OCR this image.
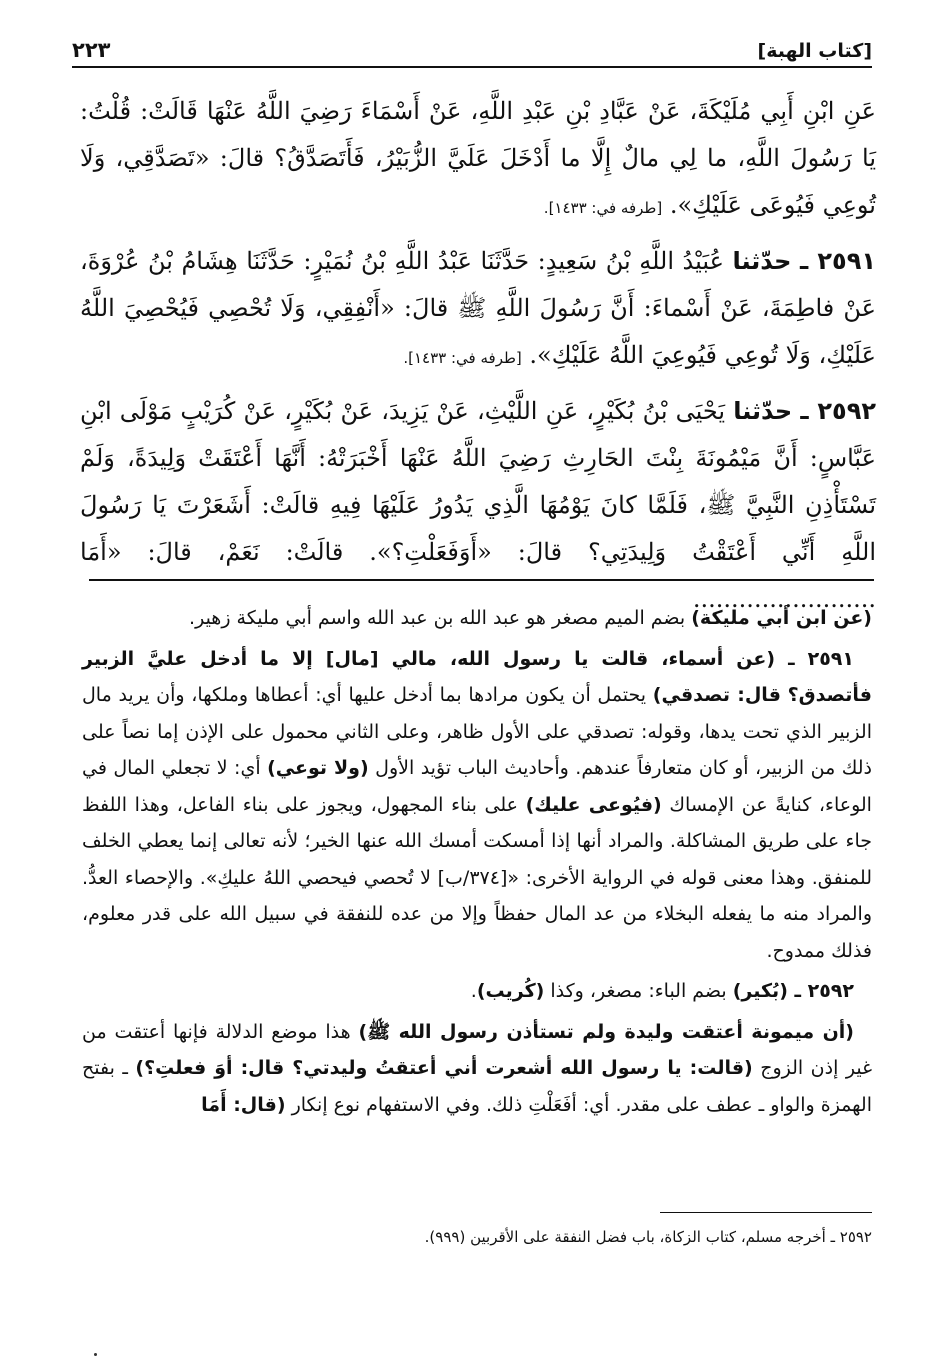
٢٢٣	[كتاب الهبة]

عَنِ ابْنِ أَبِي مُلَيْكَةَ، عَنْ عَبَّادِ بْنِ عَبْدِ اللَّهِ، عَنْ أَسْمَاءَ رَضِيَ اللَّهُ عَنْهَا قَالَتْ: قُلْتُ: يَا رَسُولَ اللَّهِ، ما لِي مالٌ إِلَّا ما أَدْخَلَ عَلَيَّ الزُّبَيْرُ، فَأَتَصَدَّقُ؟ قالَ: «تَصَدَّقِي، وَلَا تُوعِي فَيُوعَى عَلَيْكِ». [طرفه في: ١٤٣٣].

٢٥٩١ ـ حدّثنا عُبَيْدُ اللَّهِ بْنُ سَعِيدٍ: حَدَّثَنَا عَبْدُ اللَّهِ بْنُ نُمَيْرٍ: حَدَّثَنَا هِشَامُ بْنُ عُرْوَةَ، عَنْ فاطِمَةَ، عَنْ أَسْماءَ: أَنَّ رَسُولَ اللَّهِ ﷺ قالَ: «أَنْفِقِي، وَلَا تُحْصِي فَيُحْصِيَ اللَّهُ عَلَيْكِ، وَلَا تُوعِي فَيُوعِيَ اللَّهُ عَلَيْكِ». [طرفه في: ١٤٣٣].

٢٥٩٢ ـ حدّثنا يَحْيَى بْنُ بُكَيْرٍ، عَنِ اللَّيْثِ، عَنْ يَزِيدَ، عَنْ بُكَيْرٍ، عَنْ كُرَيْبٍ مَوْلَى ابْنِ عَبَّاسٍ: أَنَّ مَيْمُونَةَ بِنْتَ الحَارِثِ رَضِيَ اللَّهُ عَنْهَا أَخْبَرَتْهُ: أَنَّهَا أَعْتَقَتْ وَلِيدَةً، وَلَمْ تَسْتَأْذِنِ النَّبِيَّ ﷺ، فَلَمَّا كانَ يَوْمُهَا الَّذِي يَدُورُ عَلَيْهَا فِيهِ قالَتْ: أَشَعَرْتَ يَا رَسُولَ اللَّهِ أَنِّي أَعْتَقْتُ وَلِيدَتِي؟ قالَ: «أَوَفَعَلْتِ؟». قالَتْ: نَعَمْ، قالَ: «أَمَا ........................

(عن ابن أبي مليكة) بضم الميم مصغر هو عبد الله بن عبد الله واسم أبي مليكة زهير.

٢٥٩١ ـ (عن أسماء، قالت يا رسول الله، مالي [مال] إلا ما أدخل عليَّ الزبير فأتصدق؟ قال: تصدقي) يحتمل أن يكون مرادها بما أدخل عليها أي: أعطاها وملكها، وأن يريد مال الزبير الذي تحت يدها، وقوله: تصدقي على الأول ظاهر، وعلى الثاني محمول على الإذن إما نصاً على ذلك من الزبير، أو كان متعارفاً عندهم. وأحاديث الباب تؤيد الأول (ولا توعي) أي: لا تجعلي المال في الوعاء، كنايةً عن الإمساك (فيُوعى عليك) على بناء المجهول، ويجوز على بناء الفاعل، وهذا اللفظ جاء على طريق المشاكلة. والمراد أنها إذا أمسكت أمسك الله عنها الخير؛ لأنه تعالى إنما يعطي الخلف للمنفق. وهذا معنى قوله في الرواية الأخرى: «[٣٧٤/ب] لا تُحصي فيحصي اللهُ عليكِ». والإحصاء العدُّ. والمراد منه ما يفعله البخلاء من عد المال حفظاً وإلا من عده للنفقة في سبيل الله على قدر معلوم، فذلك ممدوح.

٢٥٩٢ ـ (بُكير) بضم الباء: مصغر، وكذا (كُريب).

(أن ميمونة أعتقت وليدة ولم تستأذن رسول الله ﷺ) هذا موضع الدلالة فإنها أعتقت من غير إذن الزوج (قالت: يا رسول الله أشعرت أني أعتقتُ وليدتي؟ قال: أوَ فعلتِ؟) ـ بفتح الهمزة والواو ـ عطف على مقدر. أي: أفَعَلْتِ ذلك. وفي الاستفهام نوع إنكار (قال: أَمَا

٢٥٩٢ ـ أخرجه مسلم، كتاب الزكاة، باب فضل النفقة على الأقربين (٩٩٩).
